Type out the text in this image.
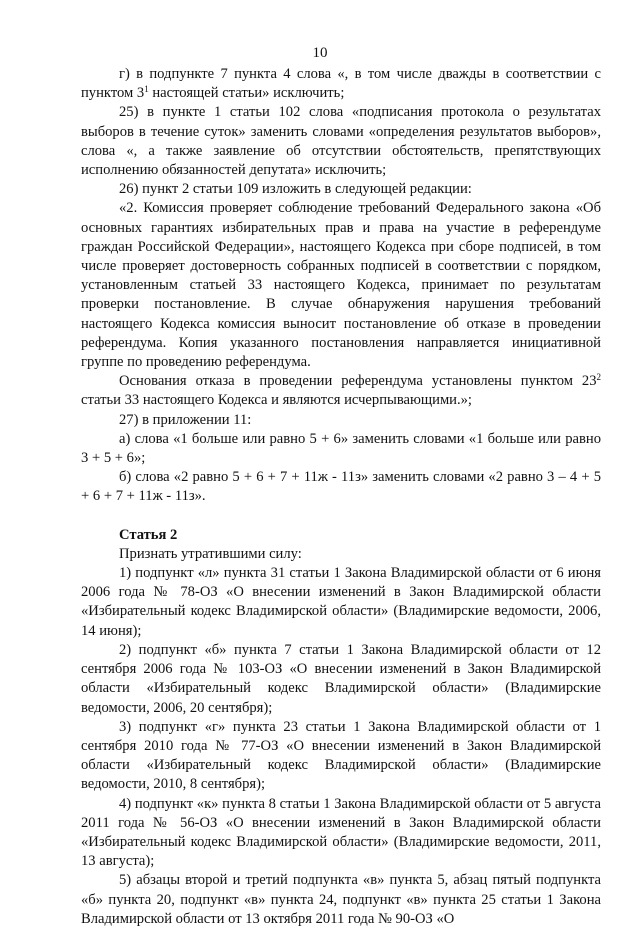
10

г) в подпункте 7 пункта 4 слова «, в том числе дважды в соответствии с пунктом $3^1$ настоящей статьи» исключить;

25) в пункте 1 статьи 102 слова «подписания протокола о результатах выборов в течение суток» заменить словами «определения результатов выборов», слова «, а также заявление об отсутствии обстоятельств, препятствующих исполнению обязанностей депутата» исключить;

26) пункт 2 статьи 109 изложить в следующей редакции:

«2. Комиссия проверяет соблюдение требований Федерального закона «Об основных гарантиях избирательных прав и права на участие в референдуме граждан Российской Федерации», настоящего Кодекса при сборе подписей, в том числе проверяет достоверность собранных подписей в соответствии с порядком, установленным статьей 33 настоящего Кодекса, принимает по результатам проверки постановление. В случае обнаружения нарушения требований настоящего Кодекса комиссия выносит постановление об отказе в проведении референдума. Копия указанного постановления направляется инициативной группе по проведению референдума.

Основания отказа в проведении референдума установлены пунктом $23^2$ статьи 33 настоящего Кодекса и являются исчерпывающими.»;

27) в приложении 11:

а) слова «1 больше или равно 5 + 6» заменить словами «1 больше или равно 3 + 5 + 6»;

б) слова «2 равно 5 + 6 + 7 + 11ж - 11з» заменить словами «2 равно 3 – 4 + 5 + 6 + 7 + 11ж - 11з».

Статья 2

Признать утратившими силу:

1) подпункт «л» пункта 31 статьи 1 Закона Владимирской области от 6 июня 2006 года № 78-ОЗ «О внесении изменений в Закон Владимирской области «Избирательный кодекс Владимирской области» (Владимирские ведомости, 2006, 14 июня);

2) подпункт «б» пункта 7 статьи 1 Закона Владимирской области от 12 сентября 2006 года № 103-ОЗ «О внесении изменений в Закон Владимирской области «Избирательный кодекс Владимирской области» (Владимирские ведомости, 2006, 20 сентября);

3) подпункт «г» пункта 23 статьи 1 Закона Владимирской области от 1 сентября 2010 года № 77-ОЗ «О внесении изменений в Закон Владимирской области «Избирательный кодекс Владимирской области» (Владимирские ведомости, 2010, 8 сентября);

4) подпункт «к» пункта 8 статьи 1 Закона Владимирской области от 5 августа 2011 года № 56-ОЗ «О внесении изменений в Закон Владимирской области «Избирательный кодекс Владимирской области» (Владимирские ведомости, 2011, 13 августа);

5) абзацы второй и третий подпункта «в» пункта 5, абзац пятый подпункта «б» пункта 20, подпункт «в» пункта 24, подпункт «в» пункта 25 статьи 1 Закона Владимирской области от 13 октября 2011 года № 90-ОЗ «О
